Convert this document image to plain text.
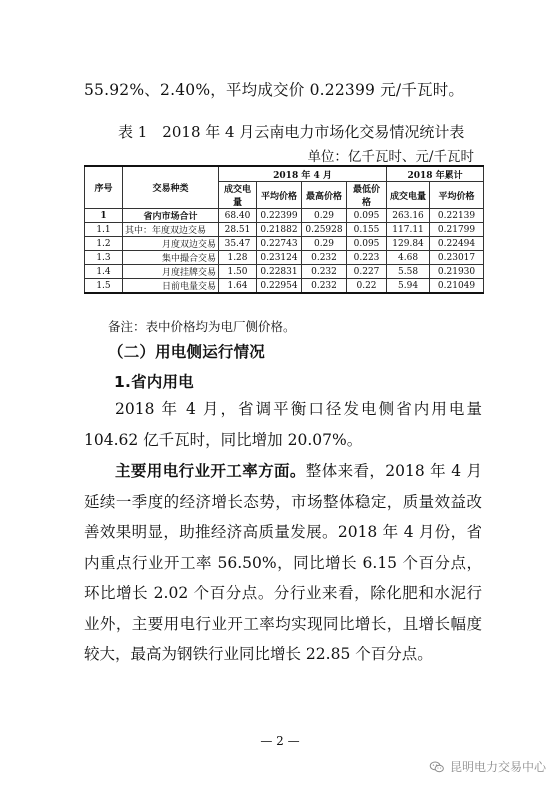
55.92%、2.40%，平均成交价 0.22399 元/千瓦时。
表 1　2018 年 4 月云南电力市场化交易情况统计表
单位：亿千瓦时、元/千瓦时
序号	交易种类	2018 年 4 月				2018 年累计	
		成交电量	平均价格	最高价格	最低价格	成交电量	平均价格
1	省内市场合计	68.40	0.22399	0.29	0.095	263.16	0.22139
1.1	其中：年度双边交易	28.51	0.21882	0.25928	0.155	117.11	0.21799
1.2	月度双边交易	35.47	0.22743	0.29	0.095	129.84	0.22494
1.3	集中撮合交易	1.28	0.23124	0.232	0.223	4.68	0.23017
1.4	月度挂牌交易	1.50	0.22831	0.232	0.227	5.58	0.21930
1.5	日前电量交易	1.64	0.22954	0.232	0.22	5.94	0.21049
备注：表中价格均为电厂侧价格。
（二）用电侧运行情况
1.省内用电
2018 年 4 月，省调平衡口径发电侧省内用电量 104.62 亿千瓦时，同比增加 20.07%。
主要用电行业开工率方面。整体来看，2018 年 4 月延续一季度的经济增长态势，市场整体稳定，质量效益改善效果明显，助推经济高质量发展。2018 年 4 月份，省内重点行业开工率 56.50%，同比增长 6.15 个百分点，环比增长 2.02 个百分点。分行业来看，除化肥和水泥行业外，主要用电行业开工率均实现同比增长，且增长幅度较大，最高为钢铁行业同比增长 22.85 个百分点。
— 2 —
昆明电力交易中心
